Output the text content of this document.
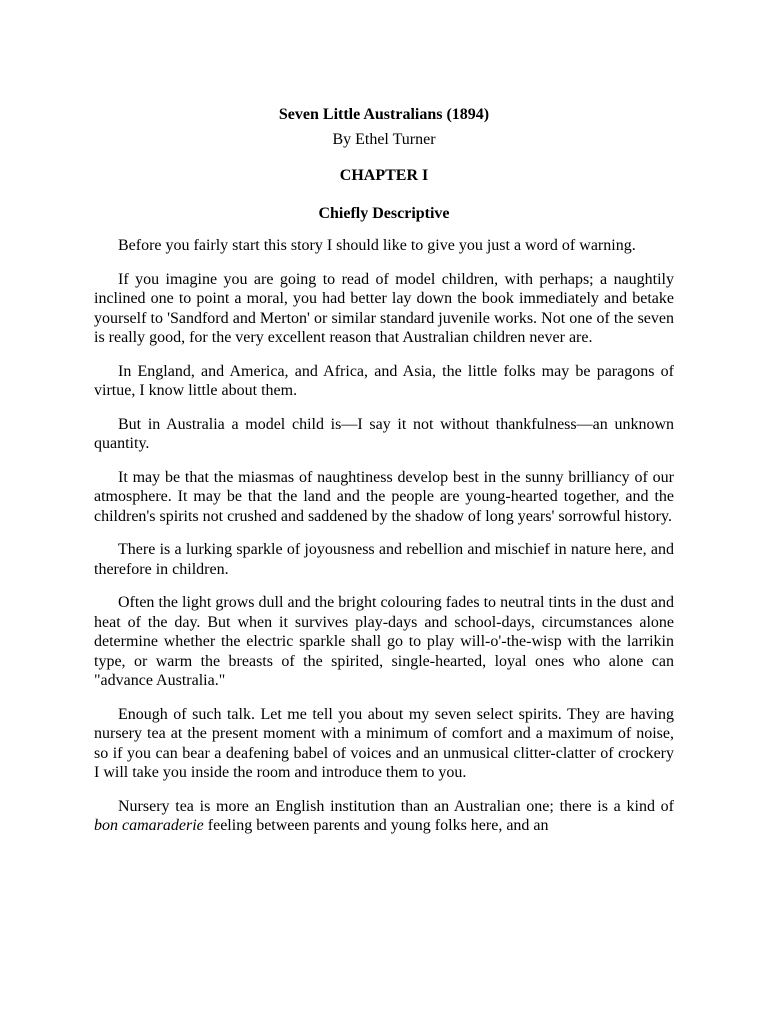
Seven Little Australians (1894)

By Ethel Turner

CHAPTER I

Chiefly Descriptive

Before you fairly start this story I should like to give you just a word of warning.

If you imagine you are going to read of model children, with perhaps; a naughtily inclined one to point a moral, you had better lay down the book immediately and betake yourself to 'Sandford and Merton' or similar standard juvenile works. Not one of the seven is really good, for the very excellent reason that Australian children never are.

In England, and America, and Africa, and Asia, the little folks may be paragons of virtue, I know little about them.

But in Australia a model child is—I say it not without thankfulness—an unknown quantity.

It may be that the miasmas of naughtiness develop best in the sunny brilliancy of our atmosphere. It may be that the land and the people are young-hearted together, and the children's spirits not crushed and saddened by the shadow of long years' sorrowful history.

There is a lurking sparkle of joyousness and rebellion and mischief in nature here, and therefore in children.

Often the light grows dull and the bright colouring fades to neutral tints in the dust and heat of the day. But when it survives play-days and school-days, circumstances alone determine whether the electric sparkle shall go to play will-o'-the-wisp with the larrikin type, or warm the breasts of the spirited, single-hearted, loyal ones who alone can "advance Australia."

Enough of such talk. Let me tell you about my seven select spirits. They are having nursery tea at the present moment with a minimum of comfort and a maximum of noise, so if you can bear a deafening babel of voices and an unmusical clitter-clatter of crockery I will take you inside the room and introduce them to you.

Nursery tea is more an English institution than an Australian one; there is a kind of bon camaraderie feeling between parents and young folks here, and an
